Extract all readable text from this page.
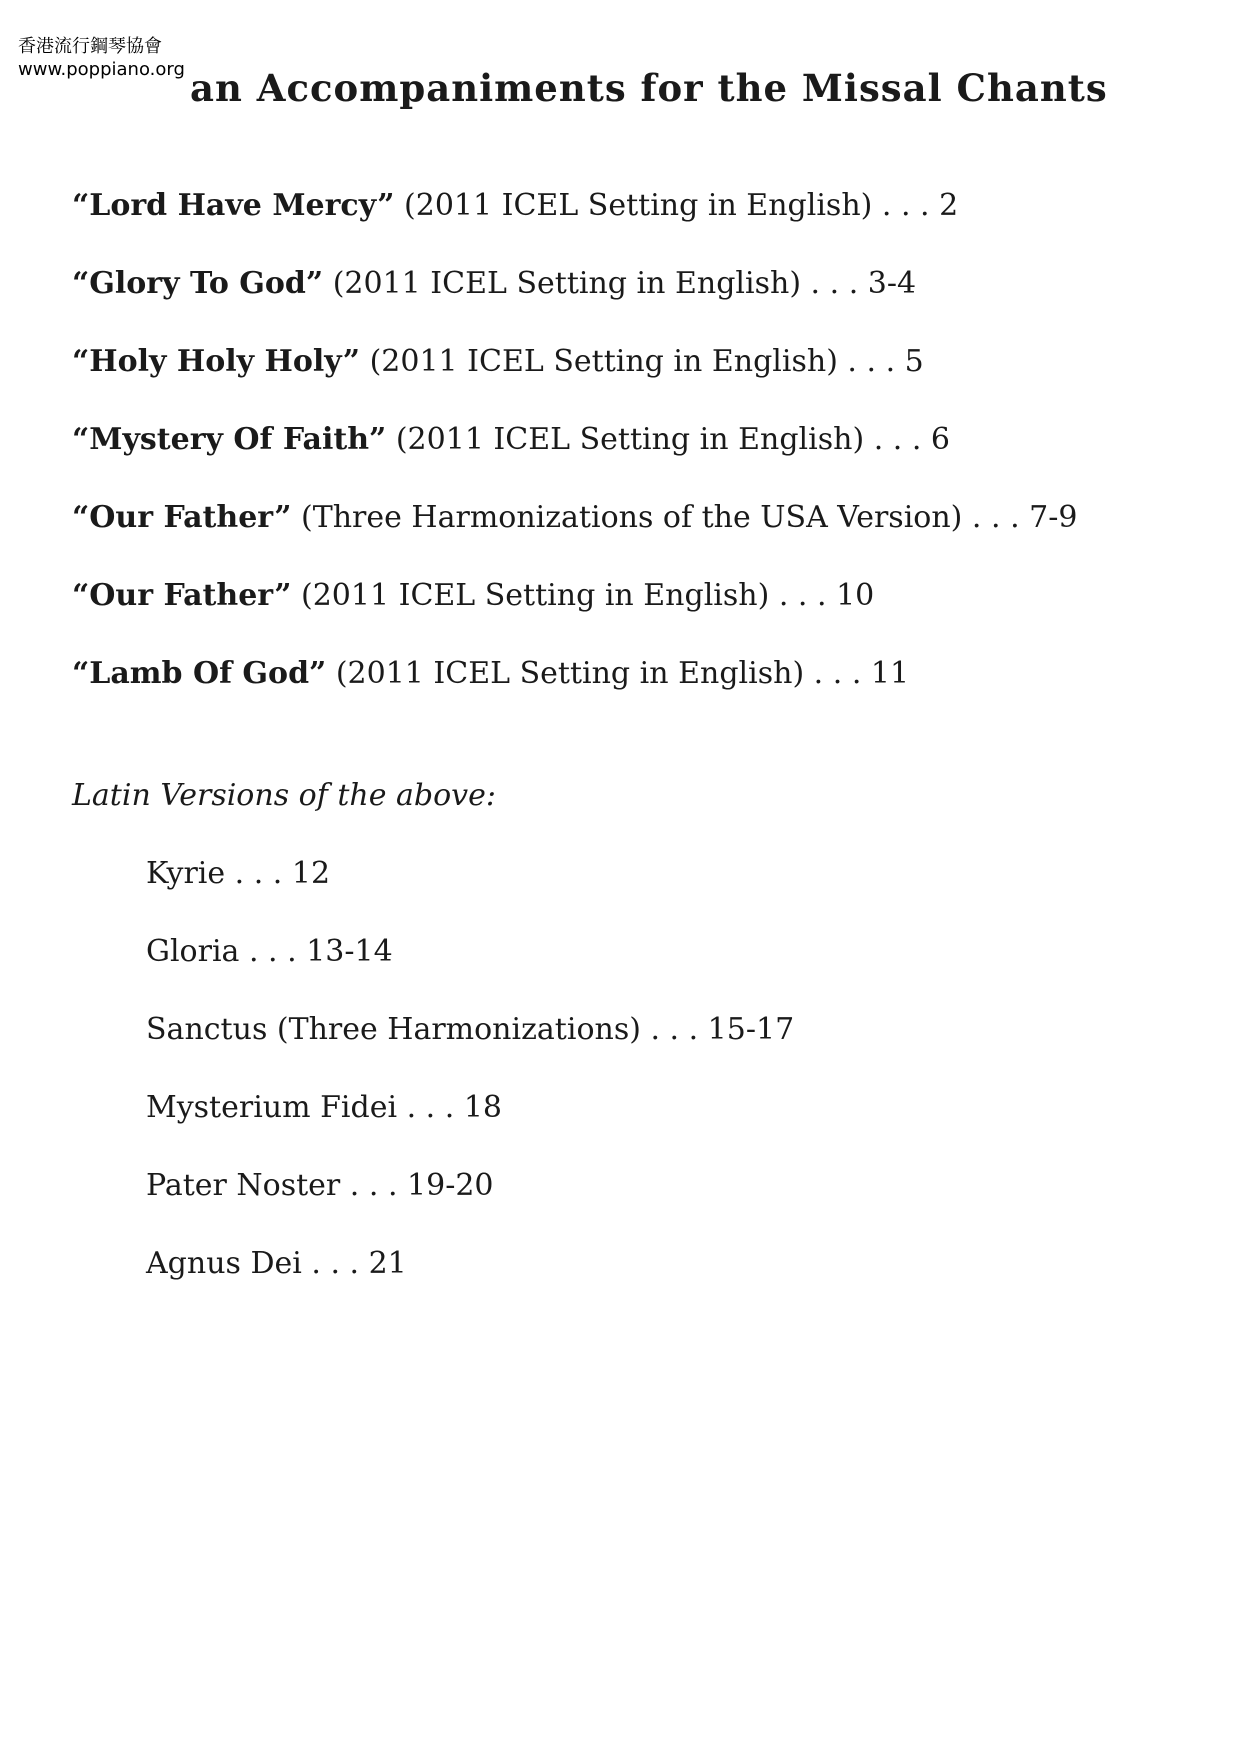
香港流行鋼琴協會
www.poppiano.org an Accompaniments for the Missal Chants
“Lord Have Mercy” (2011 ICEL Setting in English) . . . 2
“Glory To God” (2011 ICEL Setting in English) . . . 3-4
“Holy Holy Holy” (2011 ICEL Setting in English) . . . 5
“Mystery Of Faith” (2011 ICEL Setting in English) . . . 6
“Our Father” (Three Harmonizations of the USA Version) . . . 7-9
“Our Father” (2011 ICEL Setting in English) . . . 10
“Lamb Of God” (2011 ICEL Setting in English) . . . 11
Latin Versions of the above:
Kyrie . . . 12
Gloria . . . 13-14
Sanctus (Three Harmonizations) . . . 15-17
Mysterium Fidei . . . 18
Pater Noster . . . 19-20
Agnus Dei . . . 21
